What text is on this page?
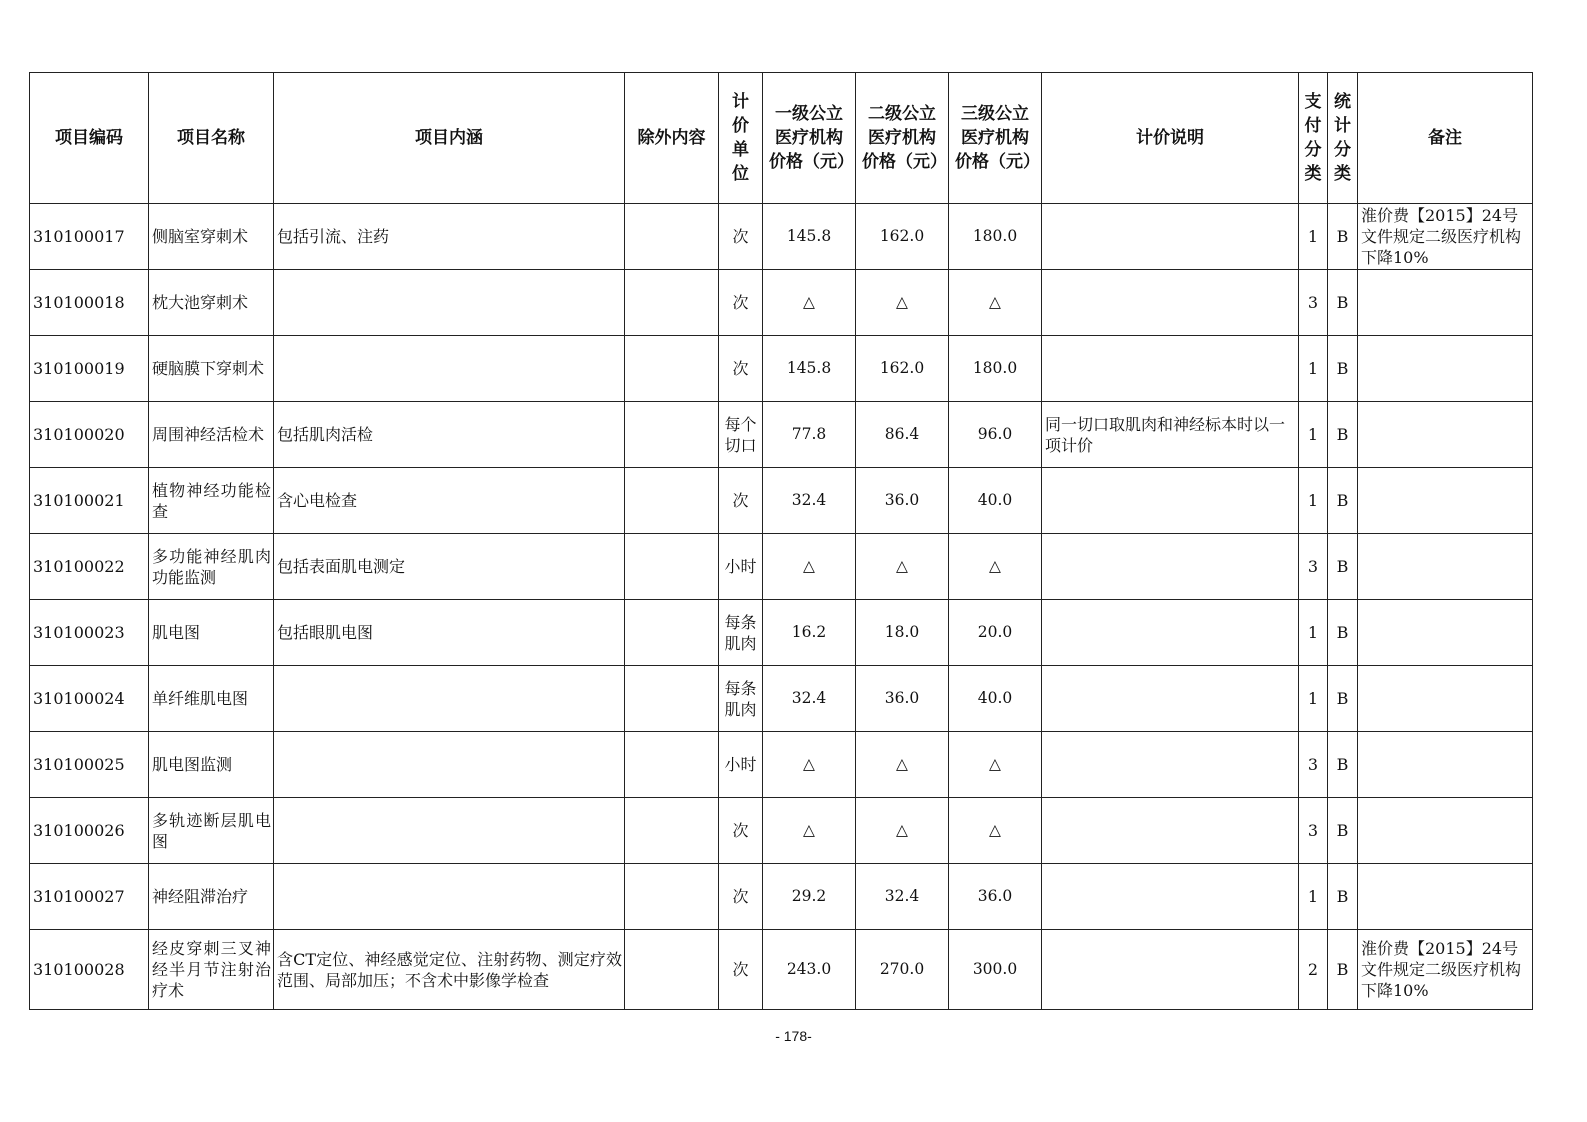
项目编码	项目名称	项目内涵	除外内容	计价单位	一级公立医疗机构价格（元）	二级公立医疗机构价格（元）	三级公立医疗机构价格（元）	计价说明	支付分类	统计分类	备注
310100017	侧脑室穿刺术	包括引流、注药		次	145.8	162.0	180.0		1	B	淮价费【2015】24号文件规定二级医疗机构下降10%
310100018	枕大池穿刺术			次	△	△	△		3	B	
310100019	硬脑膜下穿刺术			次	145.8	162.0	180.0		1	B	
310100020	周围神经活检术	包括肌肉活检		每个切口	77.8	86.4	96.0	同一切口取肌肉和神经标本时以一项计价	1	B	
310100021	植物神经功能检查	含心电检查		次	32.4	36.0	40.0		1	B	
310100022	多功能神经肌肉功能监测	包括表面肌电测定		小时	△	△	△		3	B	
310100023	肌电图	包括眼肌电图		每条肌肉	16.2	18.0	20.0		1	B	
310100024	单纤维肌电图			每条肌肉	32.4	36.0	40.0		1	B	
310100025	肌电图监测			小时	△	△	△		3	B	
310100026	多轨迹断层肌电图			次	△	△	△		3	B	
310100027	神经阻滞治疗			次	29.2	32.4	36.0		1	B	
310100028	经皮穿刺三叉神经半月节注射治疗术	含CT定位、神经感觉定位、注射药物、测定疗效范围、局部加压；不含术中影像学检查		次	243.0	270.0	300.0		2	B	淮价费【2015】24号文件规定二级医疗机构下降10%
- 178-
